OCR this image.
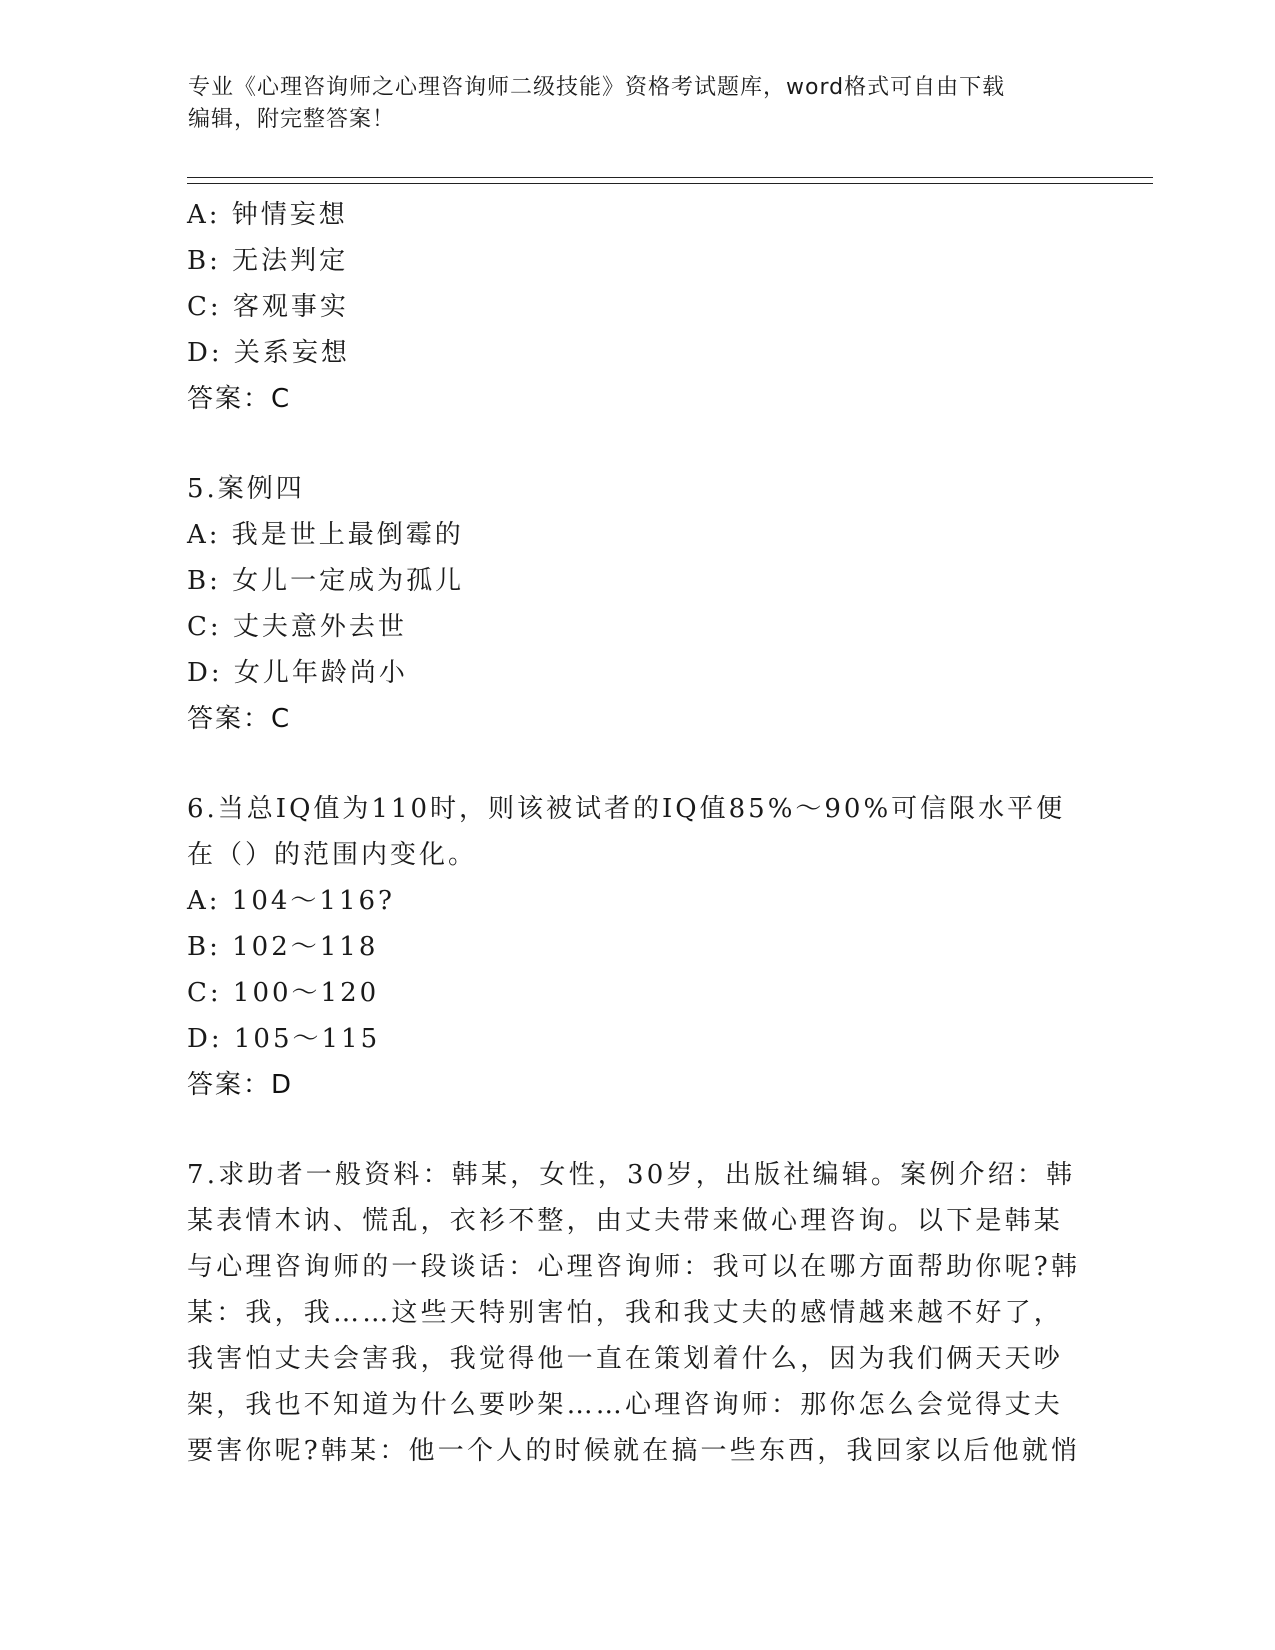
专业《心理咨询师之心理咨询师二级技能》资格考试题库，word格式可自由下载
编辑，附完整答案！
A: 钟情妄想
B: 无法判定
C: 客观事实
D: 关系妄想
答案：C
5.案例四
A: 我是世上最倒霉的
B: 女儿一定成为孤儿
C: 丈夫意外去世
D: 女儿年龄尚小
答案：C
6.当总IQ值为110时，则该被试者的IQ值85%～90%可信限水平便
在（）的范围内变化。
A: 104～116?
B: 102～118
C: 100～120
D: 105～115
答案：D
7.求助者一般资料：韩某，女性，30岁，出版社编辑。案例介绍：韩
某表情木讷、慌乱，衣衫不整，由丈夫带来做心理咨询。以下是韩某
与心理咨询师的一段谈话：心理咨询师：我可以在哪方面帮助你呢?韩
某：我，我……这些天特别害怕，我和我丈夫的感情越来越不好了，
我害怕丈夫会害我，我觉得他一直在策划着什么，因为我们俩天天吵
架，我也不知道为什么要吵架……心理咨询师：那你怎么会觉得丈夫
要害你呢?韩某：他一个人的时候就在搞一些东西，我回家以后他就悄
